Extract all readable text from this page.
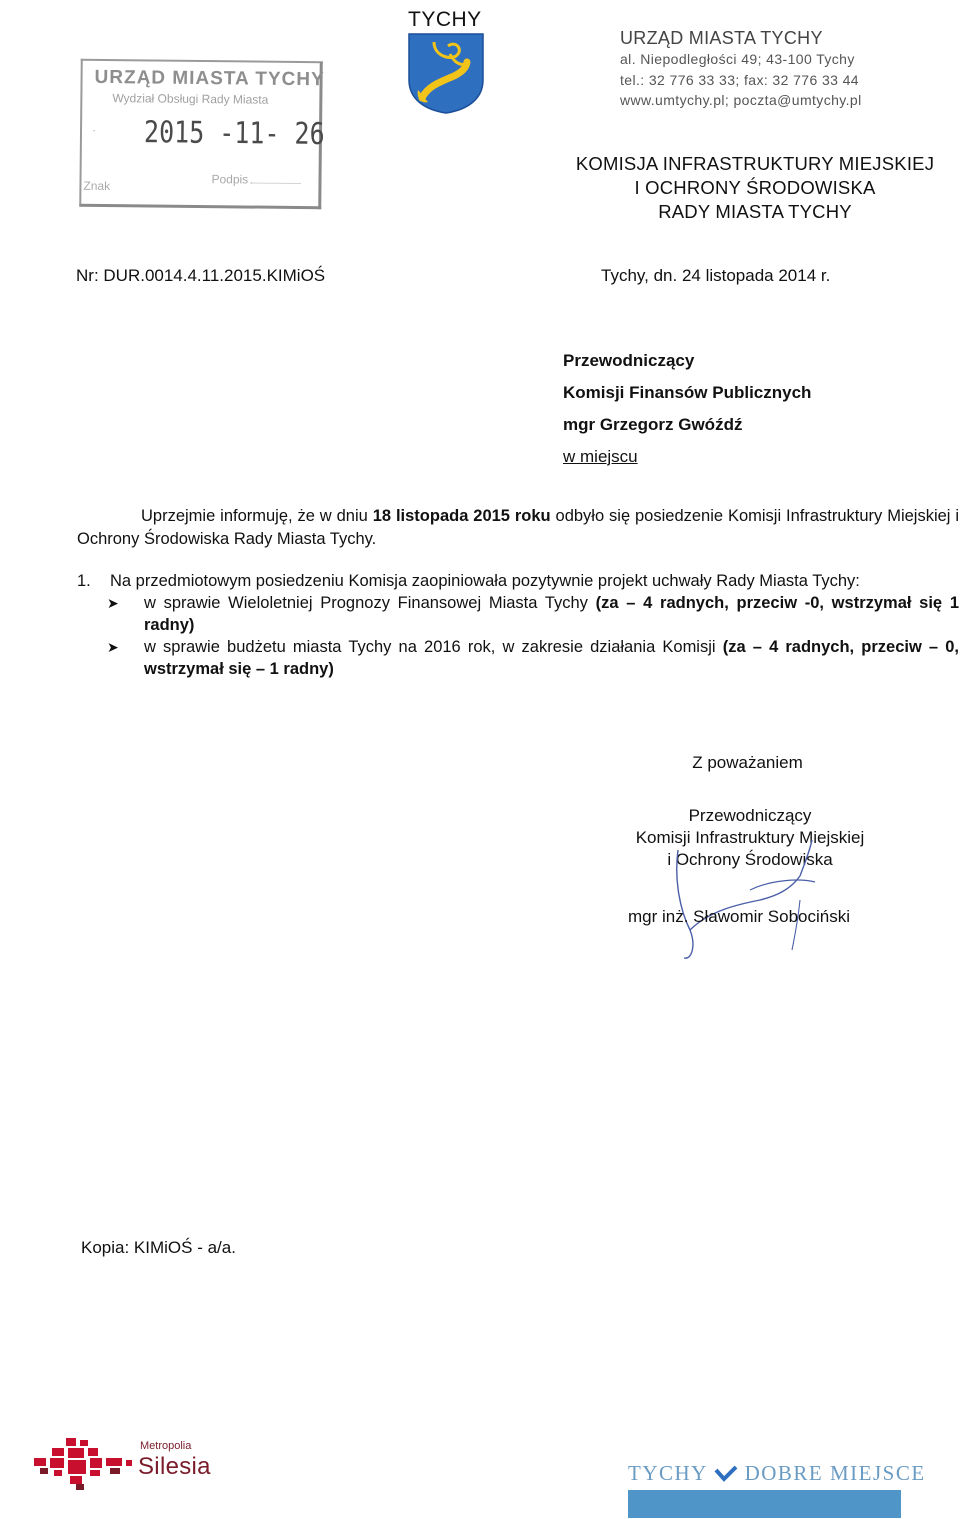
URZĄD MIASTA TYCHY
Wydział Obsługi Rady Miasta
· 2015 -11- 26
Znak	Podpis
TYCHY
URZĄD MIASTA TYCHY
al. Niepodległości 49; 43-100 Tychy
tel.: 32 776 33 33; fax: 32 776 33 44
www.umtychy.pl; poczta@umtychy.pl
KOMISJA INFRASTRUKTURY MIEJSKIEJ
I OCHRONY ŚRODOWISKA
RADY MIASTA TYCHY
Nr: DUR.0014.4.11.2015.KIMiOŚ	Tychy, dn. 24 listopada 2014 r.
Przewodniczący
Komisji Finansów Publicznych
mgr Grzegorz Gwóźdź
w miejscu
Uprzejmie informuję, że w dniu 18 listopada 2015 roku odbyło się posiedzenie Komisji Infrastruktury Miejskiej i Ochrony Środowiska Rady Miasta Tychy.
1. Na przedmiotowym posiedzeniu Komisja zaopiniowała pozytywnie projekt uchwały Rady Miasta Tychy:
➤ w sprawie Wieloletniej Prognozy Finansowej Miasta Tychy (za – 4 radnych, przeciw -0, wstrzymał się 1 radny)
➤ w sprawie budżetu miasta Tychy na 2016 rok, w zakresie działania Komisji (za – 4 radnych, przeciw – 0, wstrzymał się – 1 radny)
Z poważaniem
Przewodniczący
Komisji Infrastruktury Miejskiej
i Ochrony Środowiska
mgr inż. Sławomir Sobociński
Kopia: KIMiOŚ - a/a.
Metropolia
Silesia	TYCHY DOBRE MIEJSCE
